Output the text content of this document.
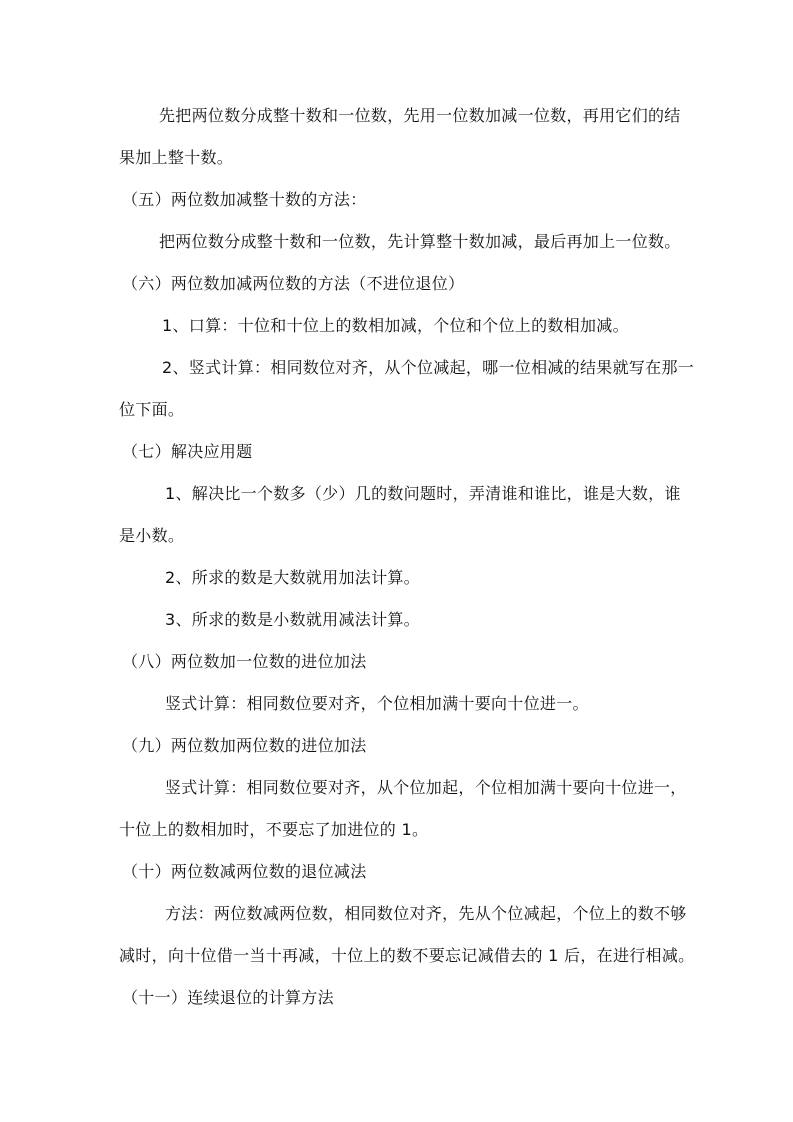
先把两位数分成整十数和一位数，先用一位数加减一位数，再用它们的结
果加上整十数。
（五）两位数加减整十数的方法：
把两位数分成整十数和一位数，先计算整十数加减，最后再加上一位数。
（六）两位数加减两位数的方法（不进位退位）
1、口算：十位和十位上的数相加减，个位和个位上的数相加减。
2、竖式计算：相同数位对齐，从个位减起，哪一位相减的结果就写在那一
位下面。
（七）解决应用题
1、解决比一个数多（少）几的数问题时，弄清谁和谁比，谁是大数，谁
是小数。
2、所求的数是大数就用加法计算。
3、所求的数是小数就用减法计算。
（八）两位数加一位数的进位加法
竖式计算：相同数位要对齐，个位相加满十要向十位进一。
（九）两位数加两位数的进位加法
竖式计算：相同数位要对齐，从个位加起，个位相加满十要向十位进一，
十位上的数相加时，不要忘了加进位的 1。
（十）两位数减两位数的退位减法
方法：两位数减两位数，相同数位对齐，先从个位减起，个位上的数不够
减时，向十位借一当十再减，十位上的数不要忘记减借去的 1 后，在进行相减。
（十一）连续退位的计算方法
